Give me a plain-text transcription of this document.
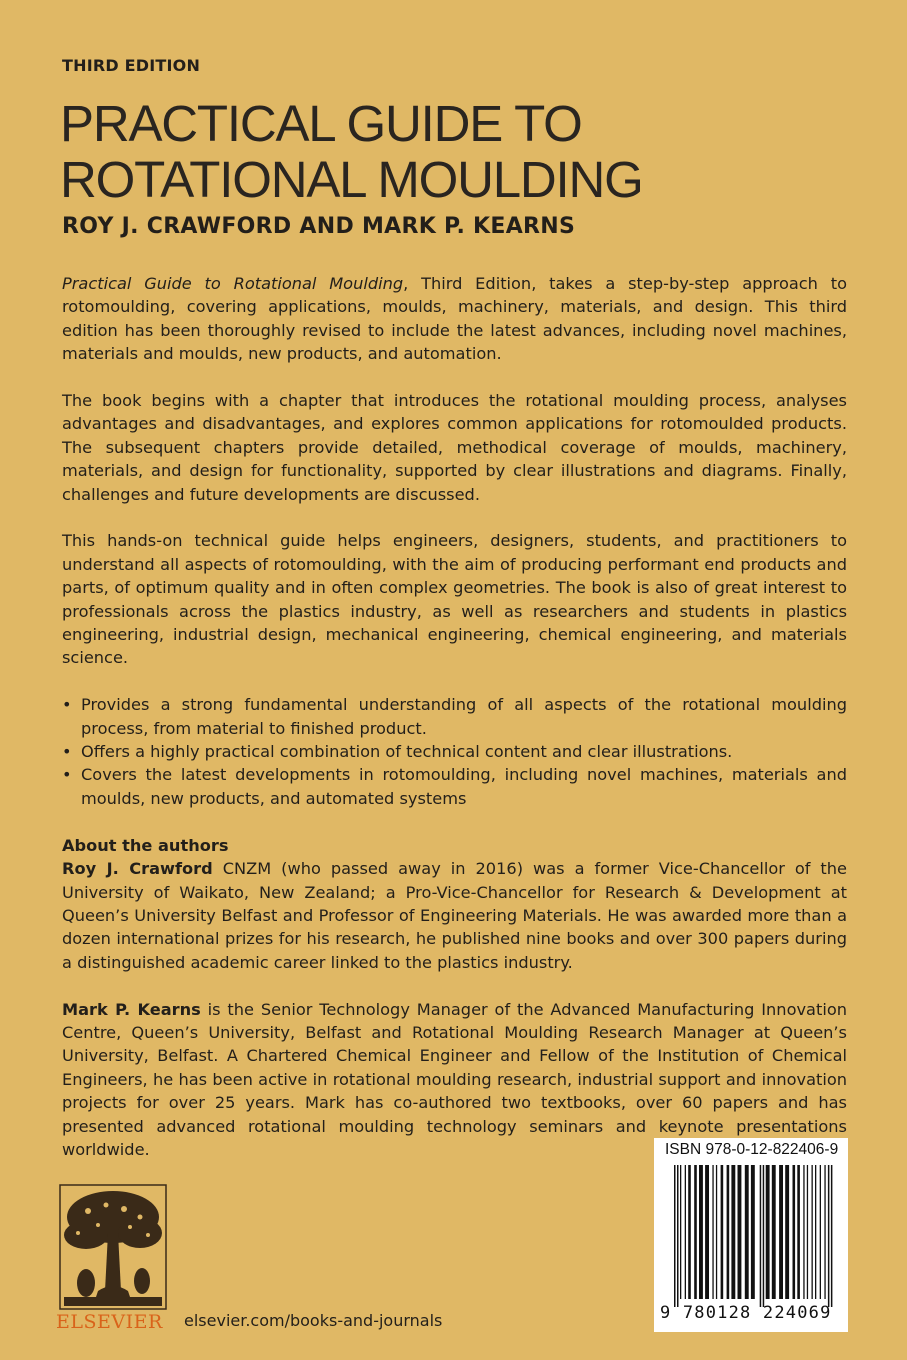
THIRD EDITION
PRACTICAL GUIDE TO
ROTATIONAL MOULDING
ROY J. CRAWFORD AND MARK P. KEARNS

Practical Guide to Rotational Moulding, Third Edition, takes a step-by-step approach to rotomoulding, covering applications, moulds, machinery, materials, and design. This third edition has been thoroughly revised to include the latest advances, including novel machines, materials and moulds, new products, and automation.

The book begins with a chapter that introduces the rotational moulding process, analyses advantages and disadvantages, and explores common applications for rotomoulded products. The subsequent chapters provide detailed, methodical coverage of moulds, machinery, materials, and design for functionality, supported by clear illustrations and diagrams. Finally, challenges and future developments are discussed.

This hands-on technical guide helps engineers, designers, students, and practitioners to understand all aspects of rotomoulding, with the aim of producing performant end products and parts, of optimum quality and in often complex geometries. The book is also of great interest to professionals across the plastics industry, as well as researchers and students in plastics engineering, industrial design, mechanical engineering, chemical engineering, and materials science.

• Provides a strong fundamental understanding of all aspects of the rotational moulding process, from material to finished product.
• Offers a highly practical combination of technical content and clear illustrations.
• Covers the latest developments in rotomoulding, including novel machines, materials and moulds, new products, and automated systems

About the authors

Roy J. Crawford CNZM (who passed away in 2016) was a former Vice-Chancellor of the University of Waikato, New Zealand; a Pro-Vice-Chancellor for Research & Development at Queen’s University Belfast and Professor of Engineering Materials. He was awarded more than a dozen international prizes for his research, he published nine books and over 300 papers during a distinguished academic career linked to the plastics industry.

Mark P. Kearns is the Senior Technology Manager of the Advanced Manufacturing Innovation Centre, Queen’s University, Belfast and Rotational Moulding Research Manager at Queen’s University, Belfast. A Chartered Chemical Engineer and Fellow of the Institution of Chemical Engineers, he has been active in rotational moulding research, industrial support and innovation projects for over 25 years. Mark has co-authored two textbooks, over 60 papers and has presented advanced rotational moulding technology seminars and keynote presentations worldwide.

ELSEVIER elsevier.com/books-and-journals
ISBN 978-0-12-822406-9
9 780128 224069
